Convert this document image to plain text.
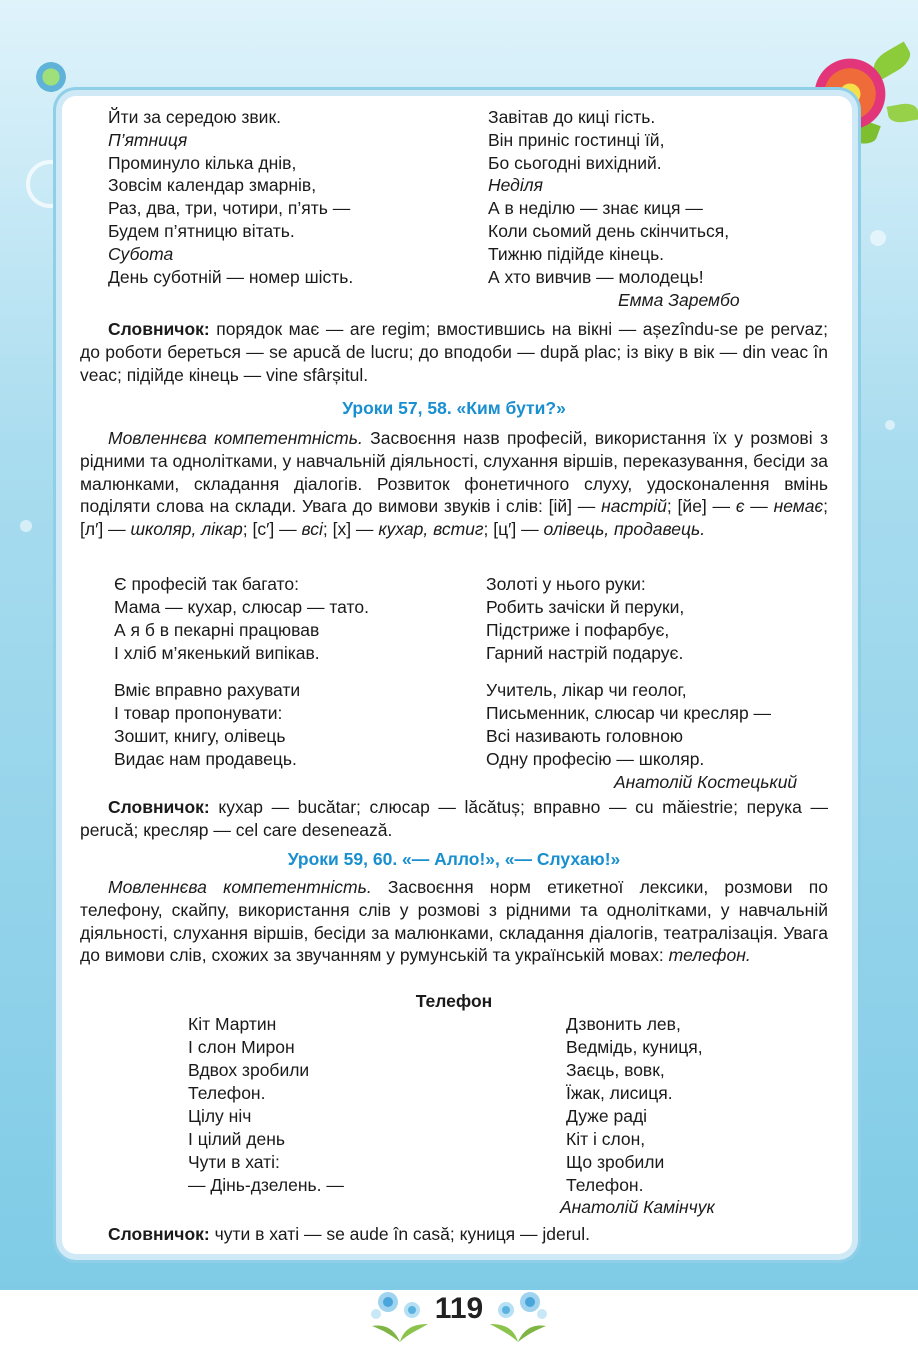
Йти за середою звик.

П’ятниця

Проминуло кілька днів,

Зовсім календар змарнів,

Раз, два, три, чотири, п’ять —

Будем п’ятницю вітать.

Субота

День суботній — номер шість.

Завітав до киці гість.

Він приніс гостинці їй,

Бо сьогодні вихідний.

Неділя

А в неділю — знає киця —

Коли сьомий день скінчиться,

Тижню підійде кінець.

А хто вивчив — молодець!

Емма Зарембо

Словничок: порядок має — are regim; вмостившись на вікні — așezîndu-se pe pervaz; до роботи береться — se apucă de lucru; до вподоби — după plac; із віку в вік — din veac în veac; підійде кінець — vine sfârșitul.

Уроки 57, 58. «Ким бути?»

Мовленнєва компетентність. Засвоєння назв професій, використання їх у розмові з рідними та однолітками, у навчальній діяльності, слухання віршів, переказування, бесіди за малюнками, складання діалогів. Розвиток фонетичного слуху, удосконалення вмінь поділяти слова на склади. Увага до вимови звуків і слів: [ій] — настрій; [йе] — є — немає; [л′] — школяр, лікар; [с′] — всі; [х] — кухар, встиг; [ц′] — олівець, продавець.

Є професій так багато:

Мама — кухар, слюсар — тато.

А я б в пекарні працював

І хліб м’якенький випікав.

Золоті у нього руки:

Робить зачіски й перуки,

Підстриже і пофарбує,

Гарний настрій подарує.

Вміє вправно рахувати

І товар пропонувати:

Зошит, книгу, олівець

Видає нам продавець.

Учитель, лікар чи геолог,

Письменник, слюсар чи кресляр —

Всі називають головною

Одну професію — школяр.

Анатолій Костецький

Словничок: кухар — bucătar; слюсар — lăcătuș; вправно — cu măiestrie; перука — perucă; кресляр — cel care desenează.

Уроки 59, 60. «— Алло!», «— Слухаю!»

Мовленнєва компетентність. Засвоєння норм етикетної лексики, розмови по телефону, скайпу, використання слів у розмові з рідними та однолітками, у навчальній діяльності, слухання віршів, бесіди за малюнками, складання діалогів, театралізація. Увага до вимови слів, схожих за звучанням у румунській та українській мовах: телефон.

Телефон

Кіт Мартин

І слон Мирон

Вдвох зробили

Телефон.

Цілу ніч

І цілий день

Чути в хаті:

— Дінь-дзелень. —

Дзвонить лев,

Ведмідь, куниця,

Заєць, вовк,

Їжак, лисиця.

Дуже раді

Кіт і слон,

Що зробили

Телефон.

Анатолій Камінчук

Словничок: чути в хаті — se aude în casă; куниця — jderul.

119
